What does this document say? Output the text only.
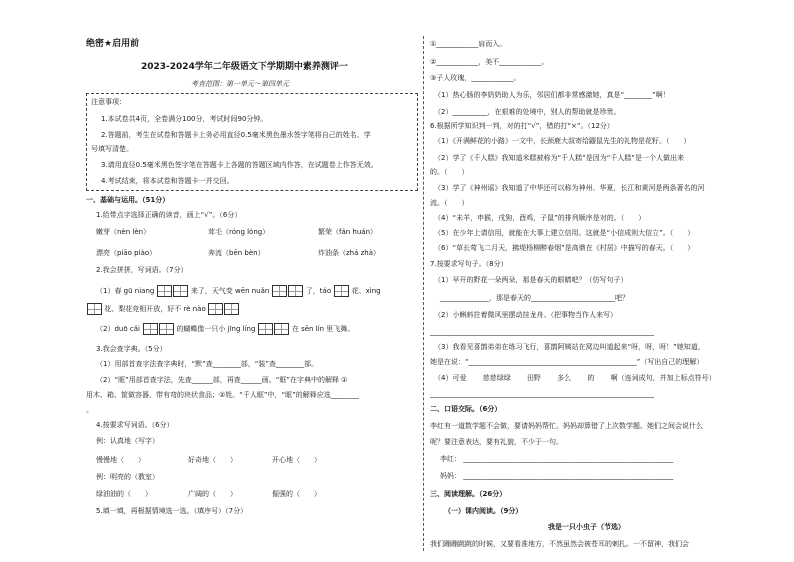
绝密★启用前
2023-2024学年二年级语文下学期期中素养测评一
考查范围：第一单元～第四单元
注意事项：
1.本试卷共4页，全卷满分100分，考试时间90分钟。
2.答题前，考生在试卷和答题卡上务必用直径0.5毫米黑色墨水签字笔将自己的姓名、学
号填写清楚。
3.请用直径0.5毫米黑色签字笔在答题卡上各题的答题区域内作答，在试题卷上作答无效。
4.考试结束，将本试卷和答题卡一并交回。
一、基础与运用。（51分）
1.给带点字选择正确的读音，画上“√”。（6分）
嫩芽（nèn lèn）	茸毛（róng lóng）	繁荣（fán huán）
漂亮（piāo piào）	奔流（bēn bèn）	炸油条（zhá zhà）
2.我会拼拼，写词语。（7分）
（1）春 gū niang	来了，天气变 wēn nuǎn	了，táo	花、xìng
花、梨花竞相开放，好不 rè nào
（2）duō cǎi	的蝴蝶像一只小 jīng líng	在 sēn lín 里飞舞。
3.我会查字典。（5分）
（1）用部首查字法查字典时，“默”查________部，“装”查________部。
（2）“眶”用部首查字法，先查______部，再查______画。“眶”在字典中的解释 ①
用木、箱、筐做容器，带有弯的块状食品；②姓。“千人眶”中，“眶”的解释应选________
。
4.按要求写词语。（6分）
例：认真地（写字）
慢慢地（　　）	好奇地（　　）	开心地（　　）
例：明亮的（教室）
绿油油的（　　）	广阔的（　　）	倔强的（　　）
5.填一填，再根据情境选一选。（填序号）（7分）
①____________肩而入。
②____________，美不____________。
③子人玫瑰，____________。
（1）热心肠的李奶奶助人为乐，邻居们都非常感激她，真是“________”啊！
（2）__________，在艰难的处境中，别人的帮助就是珍贵。
6.根据所学知识判一判，对的打“√”，错的打“×”。（12分）
（1）《开满鲜花的小路》一文中，长颈鹿大叔寄给鼹鼠先生的礼物是花籽。（　　）
（2）学了《千人糕》我知道米糕被称为“千人糕”是因为“千人糕”是一个人做出来
的。（　　）
（3）学了《神州谣》我知道了中华还可以称为神州、华夏，长江和黄河是两条著名的河
流。（　　）
（4）“未羊，申猴，戌狗，酉鸡，子鼠”的排列顺序是对的。（　　）
（5）在少年上请信用，就能在大事上建立信用。这就是“小信成则大信立”。（　　）
（6）“草长莺飞二月天，拂堤杨柳醉春烟”是高鼎在《村居》中描写的春天。（　　）
7.按要求写句子。（8分）
（1）早开的野花一朵两朵，那是春天的眼睛吧？（仿写句子）
______________，那是春天的________________________吧？
（2）小蝌蚪拄着微风里摆动挂龙舟。（把事物当作人来写）
________________________________________________________________
（3）我看见喜鹊弟弟在练习飞行，喜鹊阿姨站在窝边叫道起来“呀，呀，呀！”她知道，
她是在说：“________________________________________________”（写出自己的理解）
（4）可爱 慈慈绿绿 田野 多么 的 啊（连词成句，并加上标点符号）
________________________________________________________________
二、口语交际。（6分）
李红有一道数学题不会做，要请妈妈帮忙。妈妈却算错了上次数学题。她们之间会说什么
呢？要注意表达，要有礼貌，不少于一句。
李红： ____________________________________________________________
妈妈： ____________________________________________________________
三、阅读理解。（26分）
（一）课内阅读。（9分）
我是一只小虫子（节选）
我们蹦蹦跳跳的时候，又要看准地方，不然虽然会被苍耳的刺扎。一不留神，我们会
